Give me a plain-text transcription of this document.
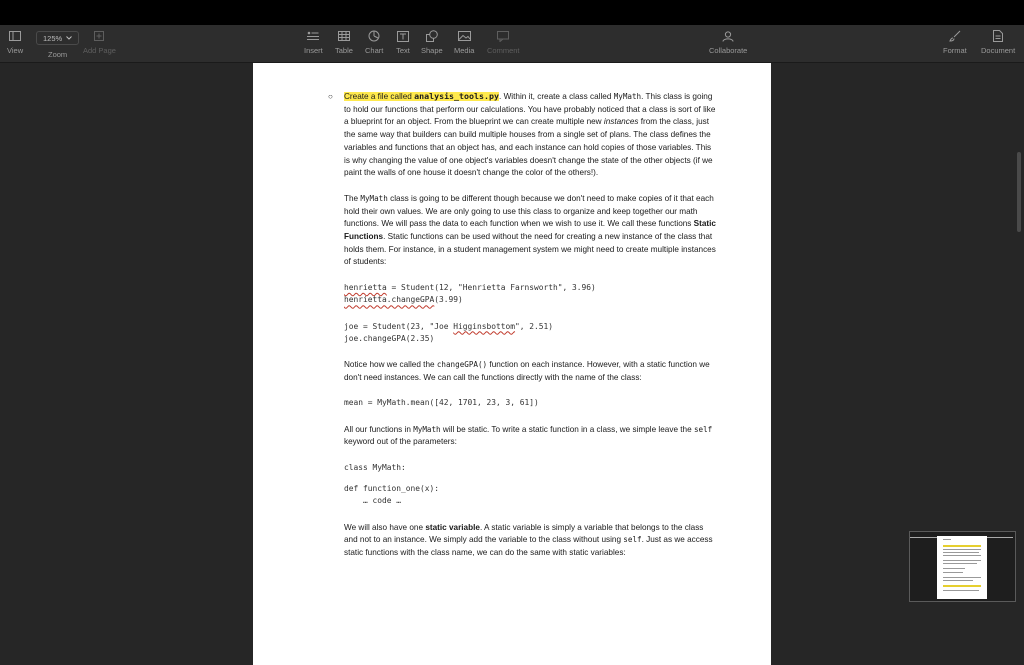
View
125%
Zoom Add Page	Insert Table Chart Text Shape Media Comment	Collaborate	Format Document
○ Create a file called analysis_tools.py. Within it, create a class called MyMath. This class is going to hold our functions that perform our calculations. You have probably noticed that a class is sort of like a blueprint for an object. From the blueprint we can create multiple new instances from the class, just the same way that builders can build multiple houses from a single set of plans. The class defines the variables and functions that an object has, and each instance can hold copies of those variables. This is why changing the value of one object's variables doesn't change the state of the other objects (if we paint the walls of one house it doesn't change the color of the others!).

The MyMath class is going to be different though because we don't need to make copies of it that each hold their own values. We are only going to use this class to organize and keep together our math functions. We will pass the data to each function when we wish to use it. We call these functions Static Functions. Static functions can be used without the need for creating a new instance of the class that holds them. For instance, in a student management system we might need to create multiple instances of students:

henrietta = Student(12, "Henrietta Farnsworth", 3.96)
henrietta.changeGPA(3.99)
joe = Student(23, "Joe Higginsbottom", 2.51)
joe.changeGPA(2.35)

Notice how we called the changeGPA() function on each instance. However, with a static function we don't need instances. We can call the functions directly with the name of the class:

mean = MyMath.mean([42, 1701, 23, 3, 61])

All our functions in MyMath will be static. To write a static function in a class, we simple leave the self keyword out of the parameters:

class MyMath:
def function_one(x):
… code …

We will also have one static variable. A static variable is simply a variable that belongs to the class and not to an instance. We simply add the variable to the class without using self. Just as we access static functions with the class name, we can do the same with static variables:
